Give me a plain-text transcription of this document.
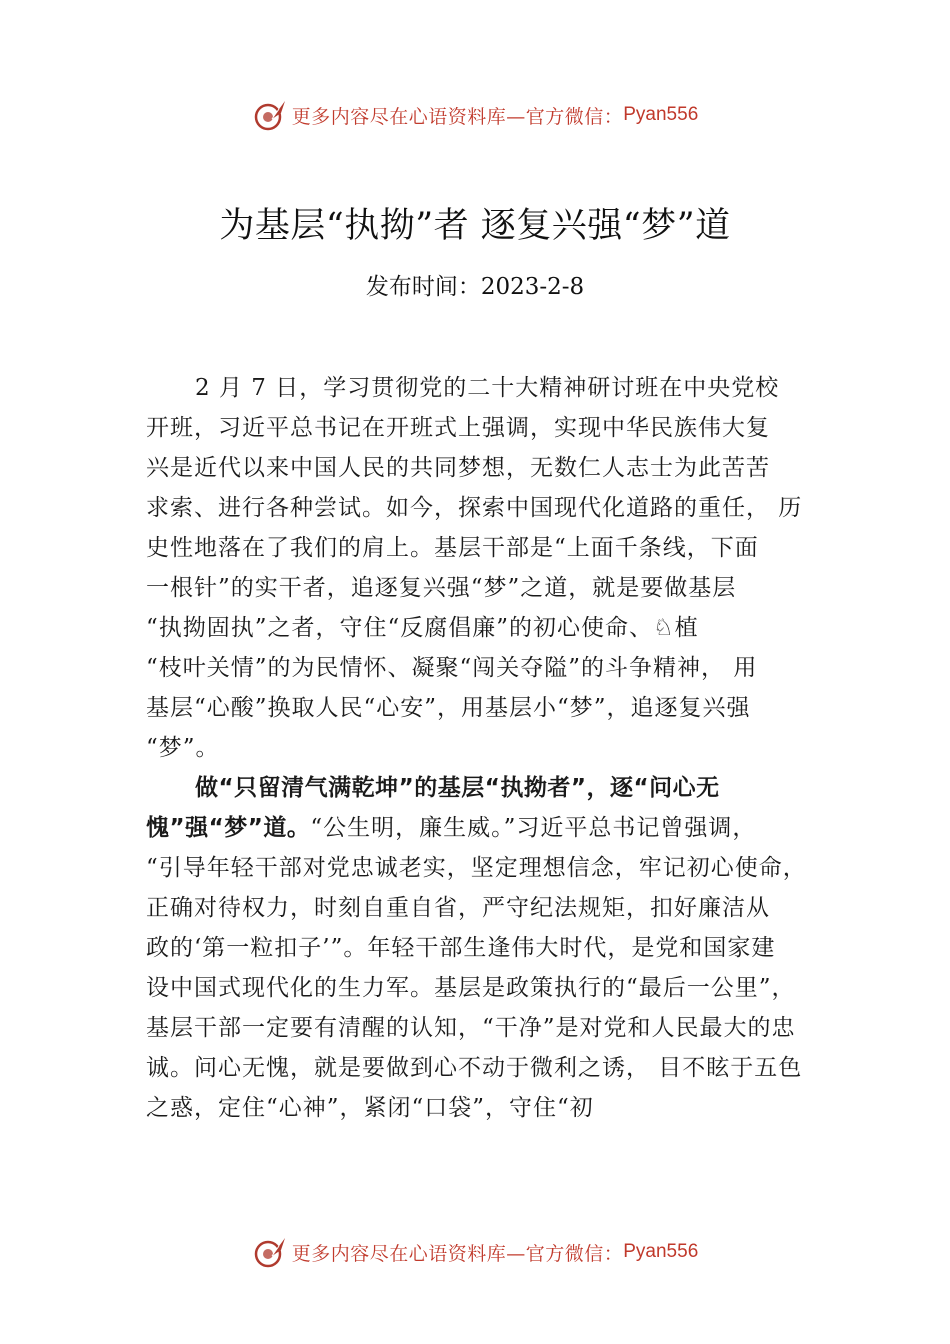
更多内容尽在心语资料库—官方微信： Pyan556
为基层“执拗”者 逐复兴强“梦”道
发布时间：2023-2-8
2 月 7 日，学习贯彻党的二十大精神研讨班在中央党校
开班，习近平总书记在开班式上强调，实现中华民族伟大复
兴是近代以来中国人民的共同梦想，无数仁人志士为此苦苦
求索、进行各种尝试。如今，探索中国现代化道路的重任， 历
史性地落在了我们的肩上。基层干部是“上面千条线，下面
一根针”的实干者，追逐复兴强“梦”之道，就是要做基层
“执拗固执”之者，守住“反腐倡廉”的初心使命、♘植
“枝叶关情”的为民情怀、凝聚“闯关夺隘”的斗争精神， 用
基层“心酸”换取人民“心安”，用基层小“梦”，追逐复兴强
“梦”。
做“只留清气满乾坤”的基层“执拗者”，逐“问心无
愧”强“梦”道。“公生明，廉生威。”习近平总书记曾强调，
“引导年轻干部对党忠诚老实，坚定理想信念，牢记初心使命，
正确对待权力，时刻自重自省，严守纪法规矩，扣好廉洁从
政的‘第一粒扣子’”。年轻干部生逢伟大时代，是党和国家建
设中国式现代化的生力军。基层是政策执行的“最后一公里”，
基层干部一定要有清醒的认知，“干净”是对党和人民最大的忠
诚。问心无愧，就是要做到心不动于微利之诱， 目不眩于五色
之惑，定住“心神”，紧闭“口袋”，守住“初
更多内容尽在心语资料库—官方微信： Pyan556
